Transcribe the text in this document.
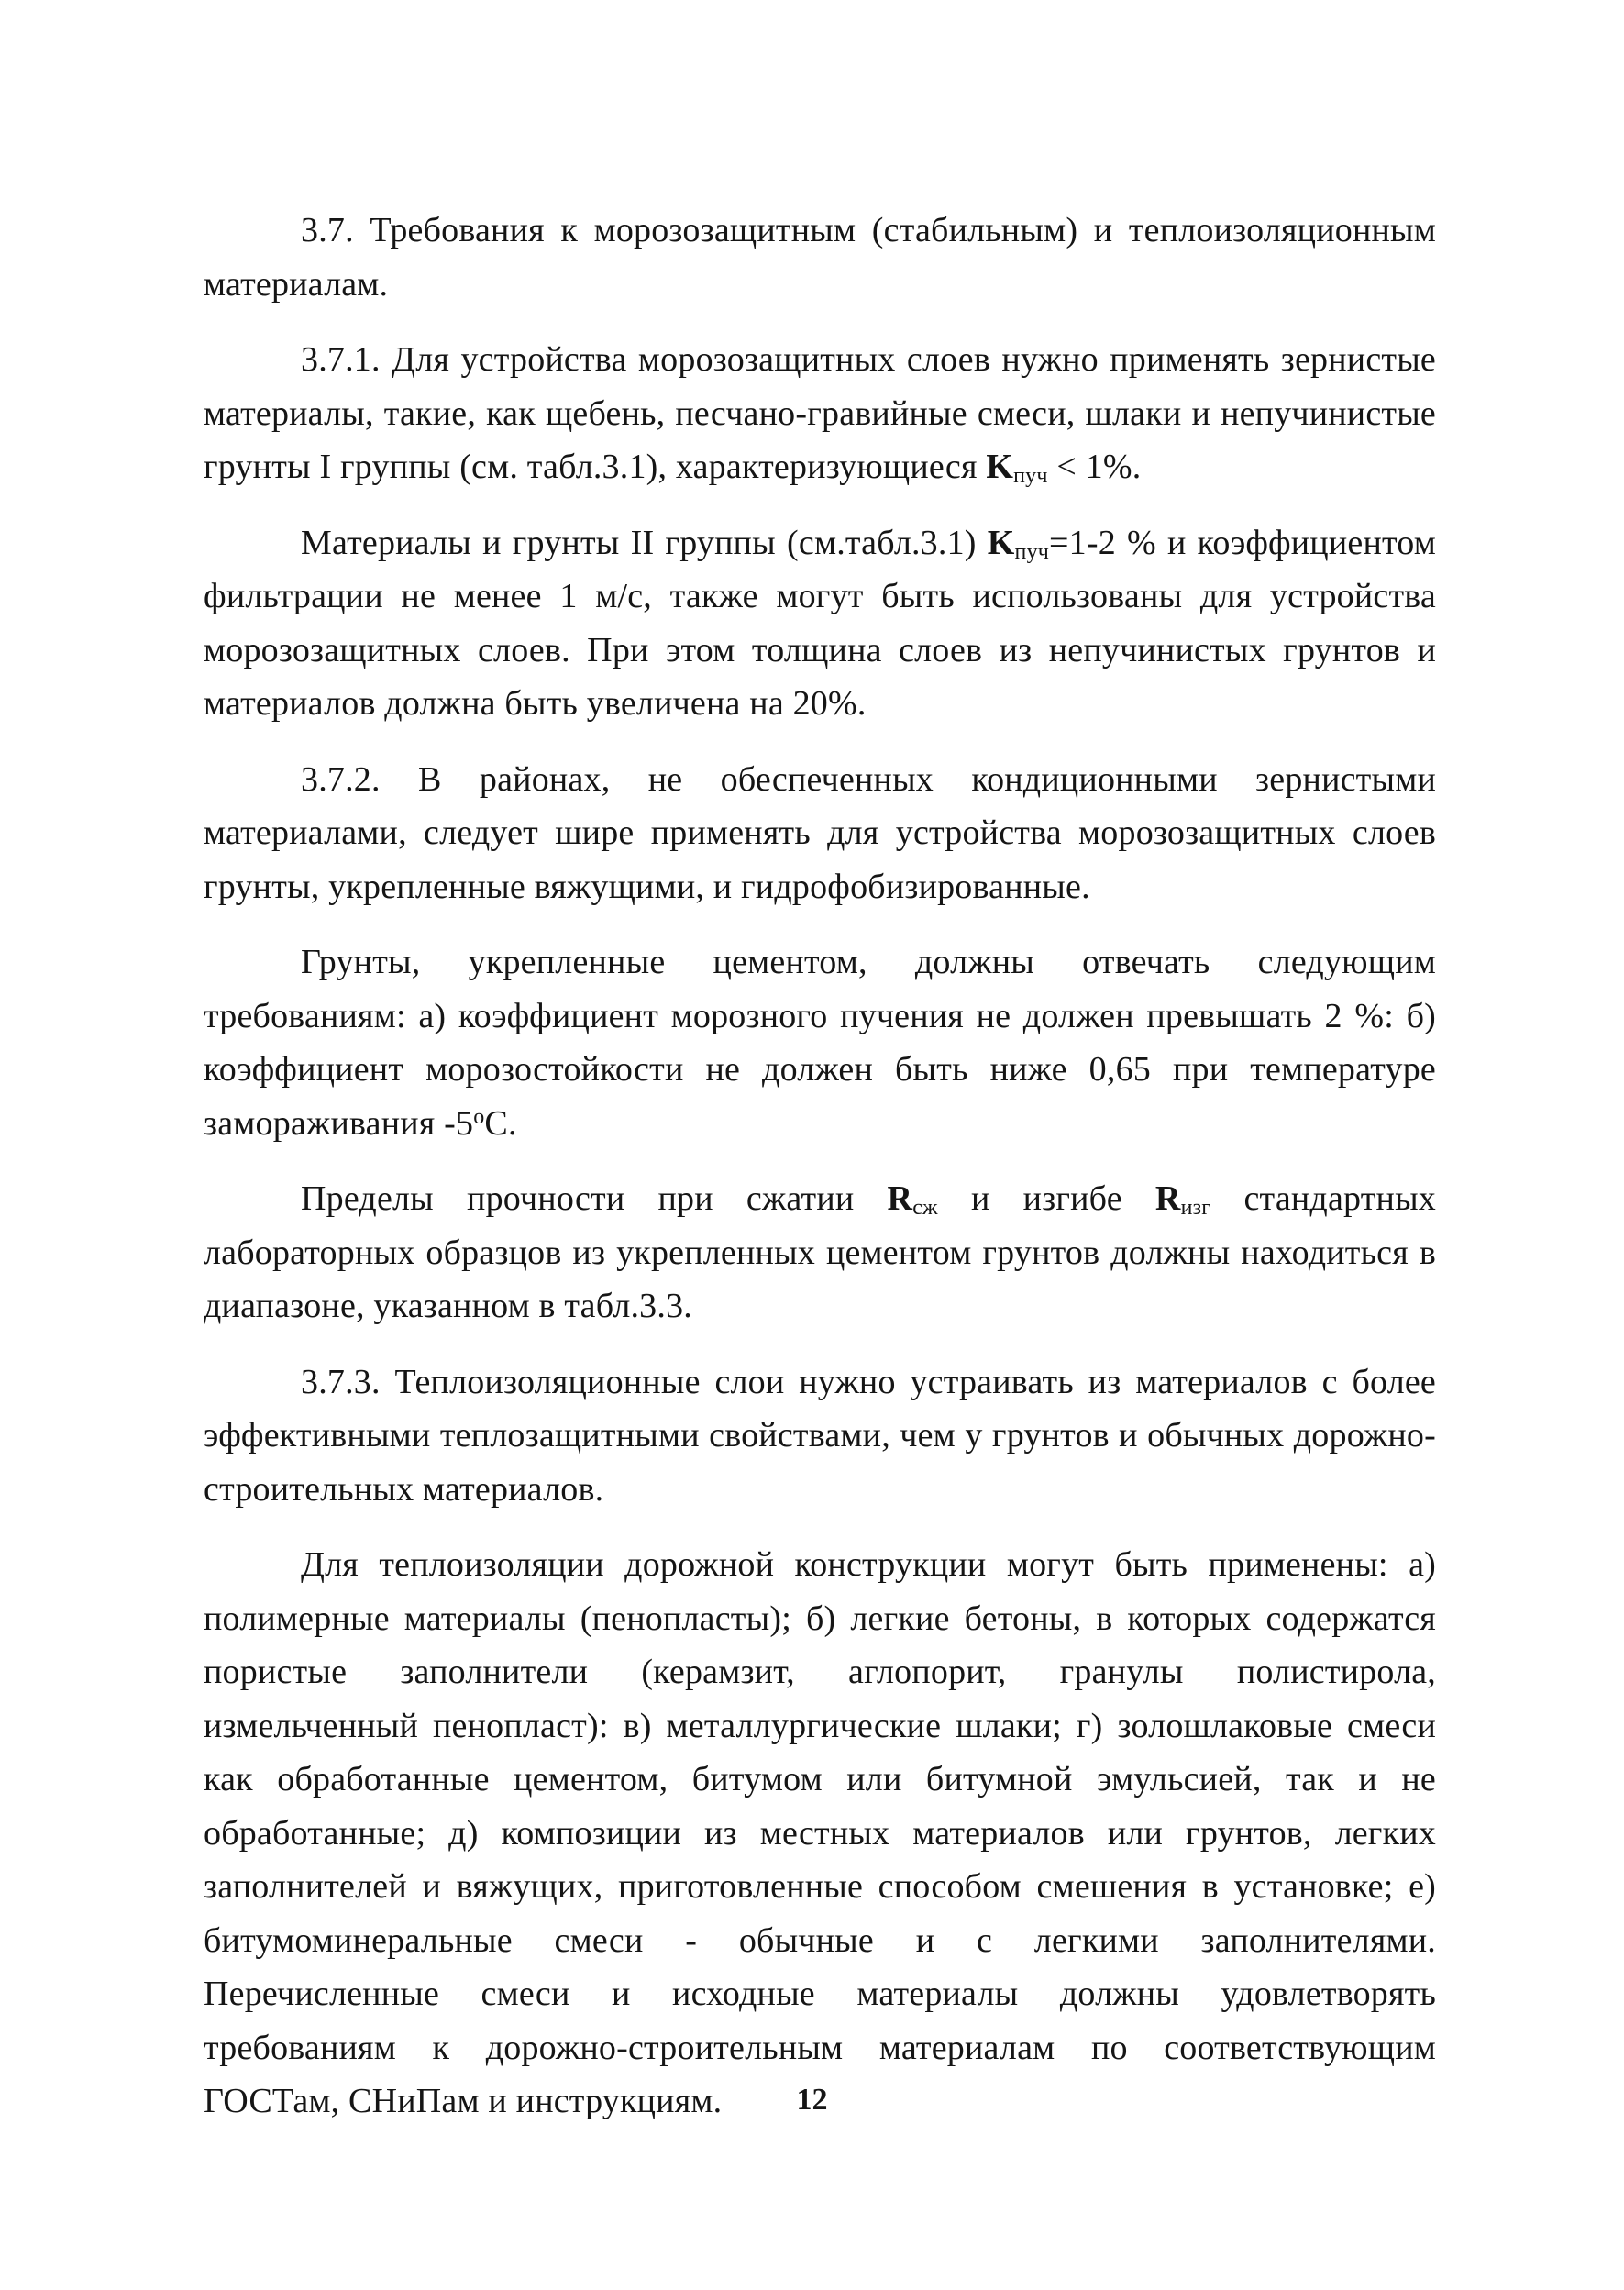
3.7. Требования к морозозащитным (стабильным) и теплоизоляционным материалам.

3.7.1. Для устройства морозозащитных слоев нужно применять зернистые материалы, такие, как щебень, песчано-гравийные смеси, шлаки и непучинистые грунты I группы (см. табл.3.1), характеризующиеся $K_{пуч} < 1\%$.

Материалы и грунты II группы (см.табл.3.1) $K_{пуч}=1-2$ % и коэффициентом фильтрации не менее 1 м/с, также могут быть использованы для устройства морозозащитных слоев. При этом толщина слоев из непучинистых грунтов и материалов должна быть увеличена на 20%.

3.7.2. В районах, не обеспеченных кондиционными зернистыми материалами, следует шире применять для устройства морозозащитных слоев грунты, укрепленные вяжущими, и гидрофобизированные.

Грунты, укрепленные цементом, должны отвечать следующим требованиям: а) коэффициент морозного пучения не должен превышать 2 %: б) коэффициент морозостойкости не должен быть ниже 0,65 при температуре замораживания -5$^o$C.

Пределы прочности при сжатии $R_{сж}$ и изгибе $R_{изг}$ стандартных лабораторных образцов из укрепленных цементом грунтов должны находиться в диапазоне, указанном в табл.3.3.

3.7.3. Теплоизоляционные слои нужно устраивать из материалов с более эффективными теплозащитными свойствами, чем у грунтов и обычных дорожно-строительных материалов.

Для теплоизоляции дорожной конструкции могут быть применены: а) полимерные материалы (пенопласты); б) легкие бетоны, в которых содержатся пористые заполнители (керамзит, аглопорит, гранулы полистирола, измельченный пенопласт): в) металлургические шлаки; г) золошлаковые смеси как обработанные цементом, битумом или битумной эмульсией, так и не обработанные; д) композиции из местных материалов или грунтов, легких заполнителей и вяжущих, приготовленные способом смешения в установке; е) битумоминеральные смеси - обычные и с легкими заполнителями. Перечисленные смеси и исходные материалы должны удовлетворять требованиям к дорожно-строительным материалам по соответствующим ГОСТам, СНиПам и инструкциям.	12
